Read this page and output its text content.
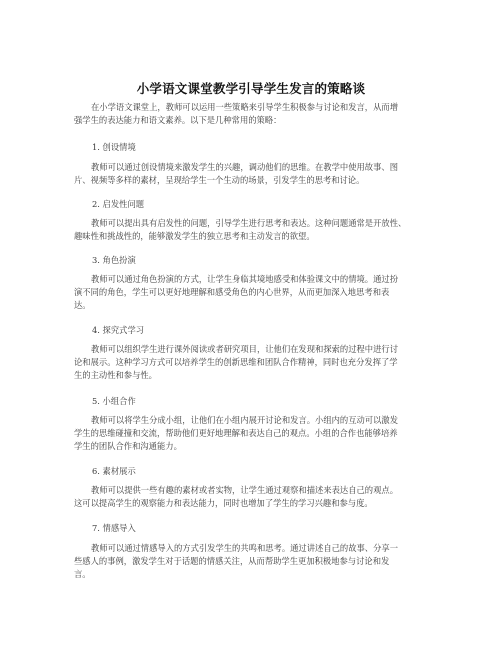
小学语文课堂教学引导学生发言的策略谈
在小学语文课堂上，教师可以运用一些策略来引导学生积极参与讨论和发言，从而增
强学生的表达能力和语文素养。以下是几种常用的策略：
1. 创设情境
教师可以通过创设情境来激发学生的兴趣，调动他们的思维。在教学中使用故事、图
片、视频等多样的素材，呈现给学生一个生动的场景，引发学生的思考和讨论。
2. 启发性问题
教师可以提出具有启发性的问题，引导学生进行思考和表达。这种问题通常是开放性、
趣味性和挑战性的，能够激发学生的独立思考和主动发言的欲望。
3. 角色扮演
教师可以通过角色扮演的方式，让学生身临其境地感受和体验课文中的情境。通过扮
演不同的角色，学生可以更好地理解和感受角色的内心世界，从而更加深入地思考和表
达。
4. 探究式学习
教师可以组织学生进行课外阅读或者研究项目，让他们在发现和探索的过程中进行讨
论和展示。这种学习方式可以培养学生的创新思维和团队合作精神，同时也充分发挥了学
生的主动性和参与性。
5. 小组合作
教师可以将学生分成小组，让他们在小组内展开讨论和发言。小组内的互动可以激发
学生的思维碰撞和交流，帮助他们更好地理解和表达自己的观点。小组的合作也能够培养
学生的团队合作和沟通能力。
6. 素材展示
教师可以提供一些有趣的素材或者实物，让学生通过观察和描述来表达自己的观点。
这可以提高学生的观察能力和表达能力，同时也增加了学生的学习兴趣和参与度。
7. 情感导入
教师可以通过情感导入的方式引发学生的共鸣和思考。通过讲述自己的故事、分享一
些感人的事例，激发学生对于话题的情感关注，从而帮助学生更加积极地参与讨论和发
言。
